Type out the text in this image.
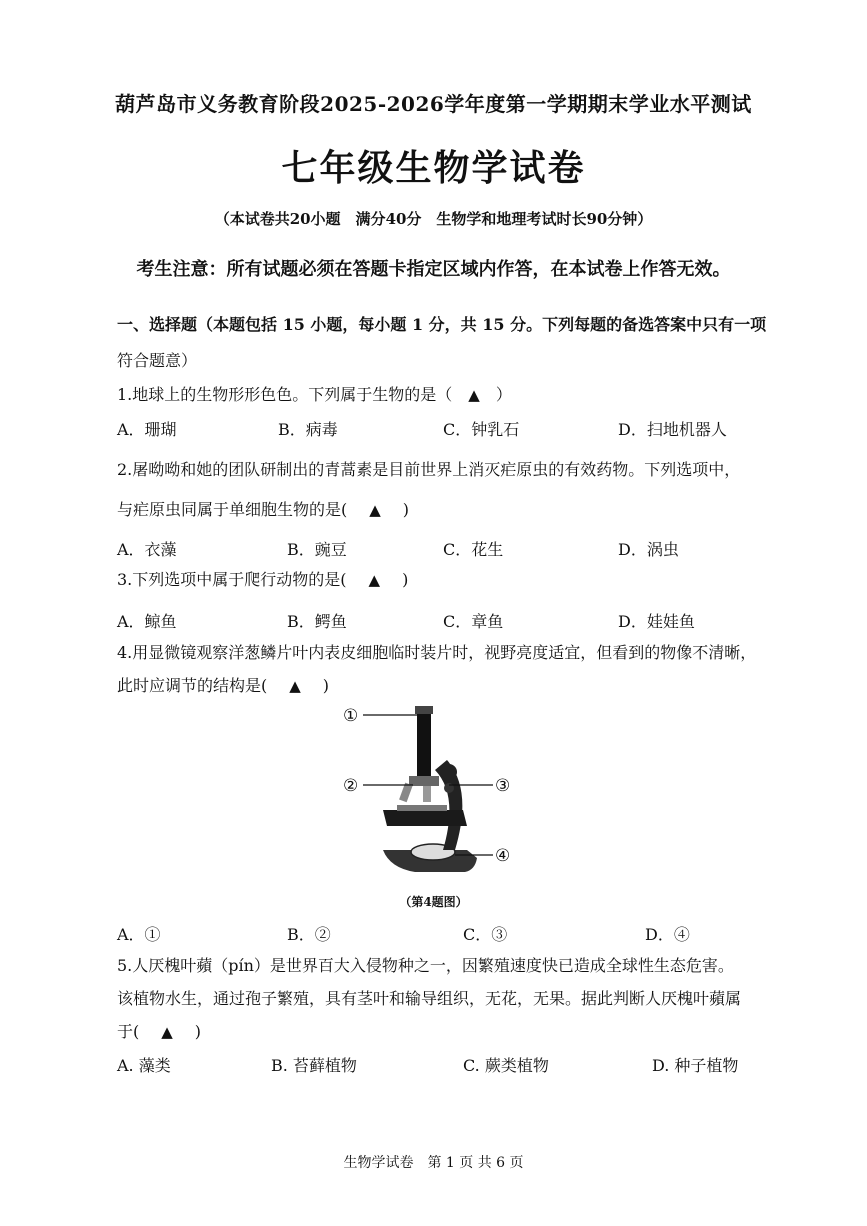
葫芦岛市义务教育阶段2025-2026学年度第一学期期末学业水平测试
七年级生物学试卷
（本试卷共20小题　满分40分　生物学和地理考试时长90分钟）
考生注意：所有试题必须在答题卡指定区域内作答，在本试卷上作答无效。
一、选择题（本题包括 15 小题，每小题 1 分，共 15 分。下列每题的备选答案中只有一项
符合题意）
1.地球上的生物形形色色。下列属于生物的是（ ▲ ）
A．珊瑚	B．病毒	C．钟乳石	D．扫地机器人
2.屠呦呦和她的团队研制出的青蒿素是目前世界上消灭疟原虫的有效药物。下列选项中，
与疟原虫同属于单细胞生物的是( ▲ )
A．衣藻	B．豌豆	C．花生	D．涡虫
3.下列选项中属于爬行动物的是( ▲ )
A．鲸鱼	B．鳄鱼	C．章鱼	D．娃娃鱼
4.用显微镜观察洋葱鳞片叶内表皮细胞临时装片时，视野亮度适宜，但看到的物像不清晰，
此时应调节的结构是( ▲ )
①
②	③
④
（第4题图）
A．①	B．②	C．③	D．④
5.人厌槐叶蘋（pín）是世界百大入侵物种之一，因繁殖速度快已造成全球性生态危害。
该植物水生，通过孢子繁殖，具有茎叶和输导组织，无花，无果。据此判断人厌槐叶蘋属
于( ▲ )
A. 藻类	B. 苔藓植物	C. 蕨类植物	D. 种子植物
生物学试卷　第 1 页 共 6 页
